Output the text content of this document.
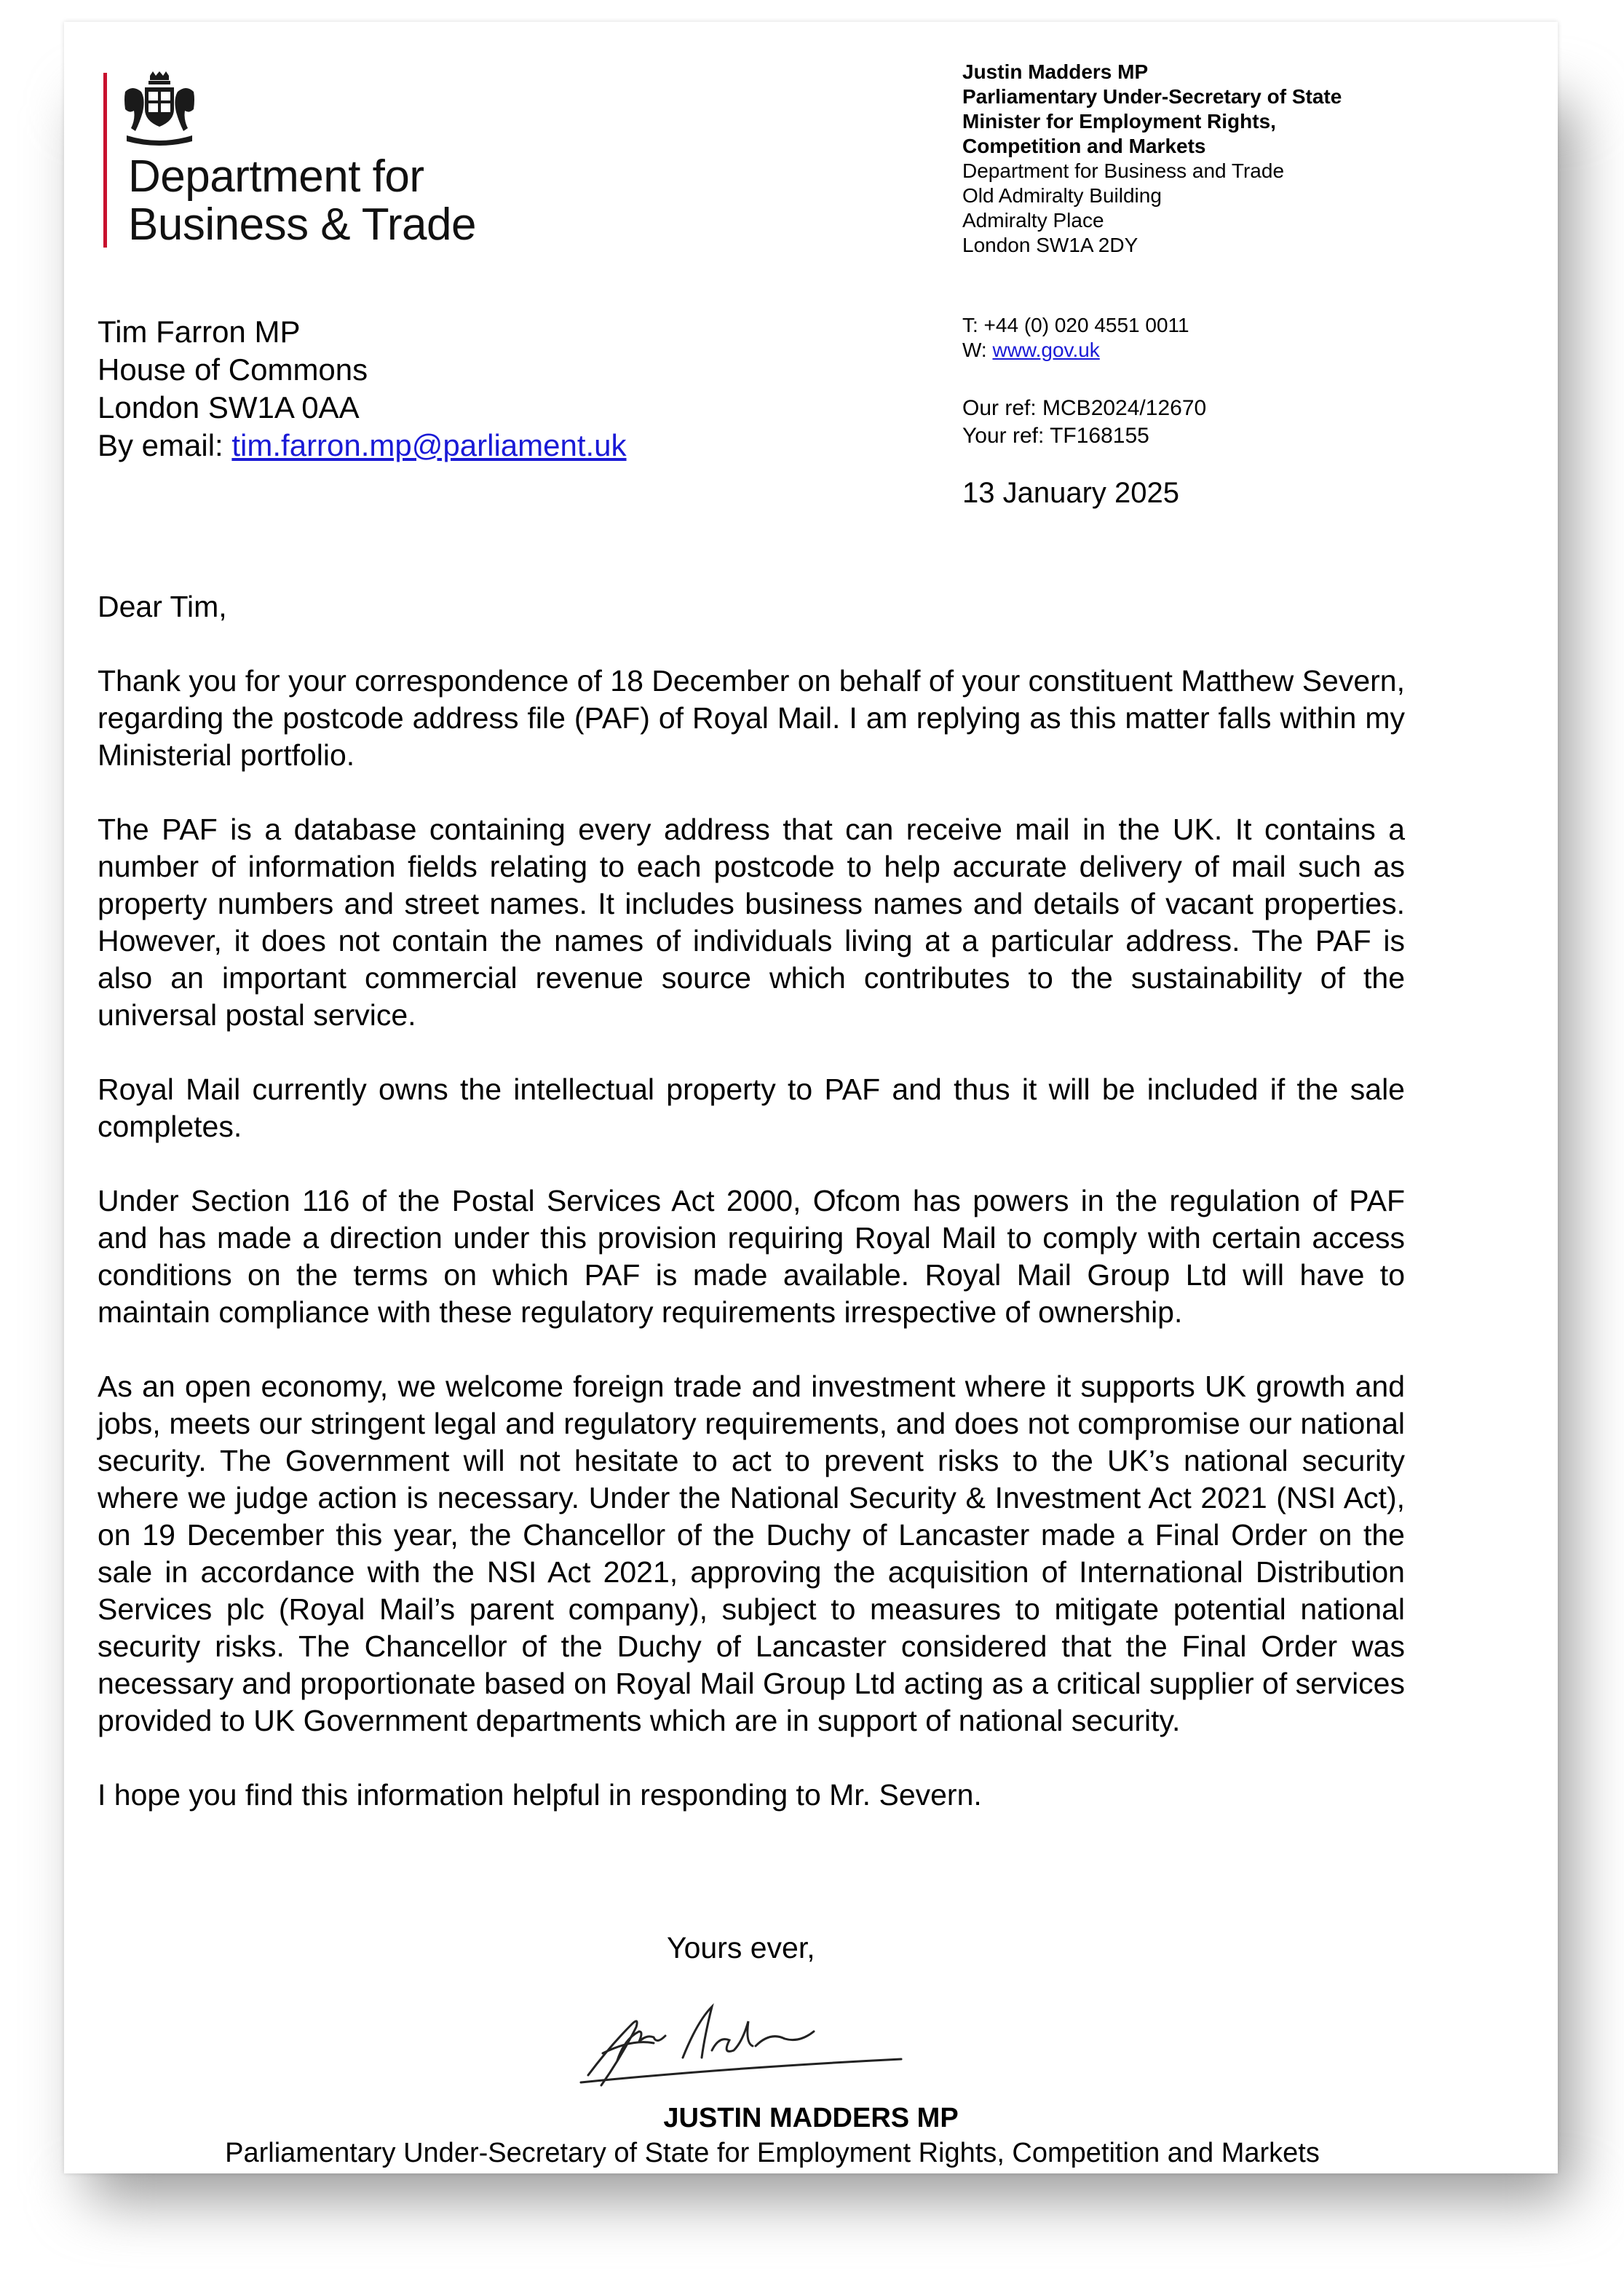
Department for
Business & Trade
Justin Madders MP
Parliamentary Under-Secretary of State
Minister for Employment Rights,
Competition and Markets
Department for Business and Trade
Old Admiralty Building
Admiralty Place
London SW1A 2DY
T: +44 (0) 020 4551 0011
W: www.gov.uk
Our ref: MCB2024/12670
Your ref: TF168155
13 January 2025
Tim Farron MP
House of Commons
London SW1A 0AA
By email: tim.farron.mp@parliament.uk

Dear Tim,

Thank you for your correspondence of 18 December on behalf of your constituent Matthew Severn, regarding the postcode address file (PAF) of Royal Mail. I am replying as this matter falls within my Ministerial portfolio.

The PAF is a database containing every address that can receive mail in the UK. It contains a number of information fields relating to each postcode to help accurate delivery of mail such as property numbers and street names. It includes business names and details of vacant properties. However, it does not contain the names of individuals living at a particular address. The PAF is also an important commercial revenue source which contributes to the sustainability of the universal postal service.

Royal Mail currently owns the intellectual property to PAF and thus it will be included if the sale completes.

Under Section 116 of the Postal Services Act 2000, Ofcom has powers in the regulation of PAF and has made a direction under this provision requiring Royal Mail to comply with certain access conditions on the terms on which PAF is made available. Royal Mail Group Ltd will have to maintain compliance with these regulatory requirements irrespective of ownership.

As an open economy, we welcome foreign trade and investment where it supports UK growth and jobs, meets our stringent legal and regulatory requirements, and does not compromise our national security. The Government will not hesitate to act to prevent risks to the UK’s national security where we judge action is necessary. Under the National Security & Investment Act 2021 (NSI Act), on 19 December this year, the Chancellor of the Duchy of Lancaster made a Final Order on the sale in accordance with the NSI Act 2021, approving the acquisition of International Distribution Services plc (Royal Mail’s parent company), subject to measures to mitigate potential national security risks. The Chancellor of the Duchy of Lancaster considered that the Final Order was necessary and proportionate based on Royal Mail Group Ltd acting as a critical supplier of services provided to UK Government departments which are in support of national security.

I hope you find this information helpful in responding to Mr. Severn.

Yours ever,
JUSTIN MADDERS MP
Parliamentary Under-Secretary of State for Employment Rights, Competition and Markets
